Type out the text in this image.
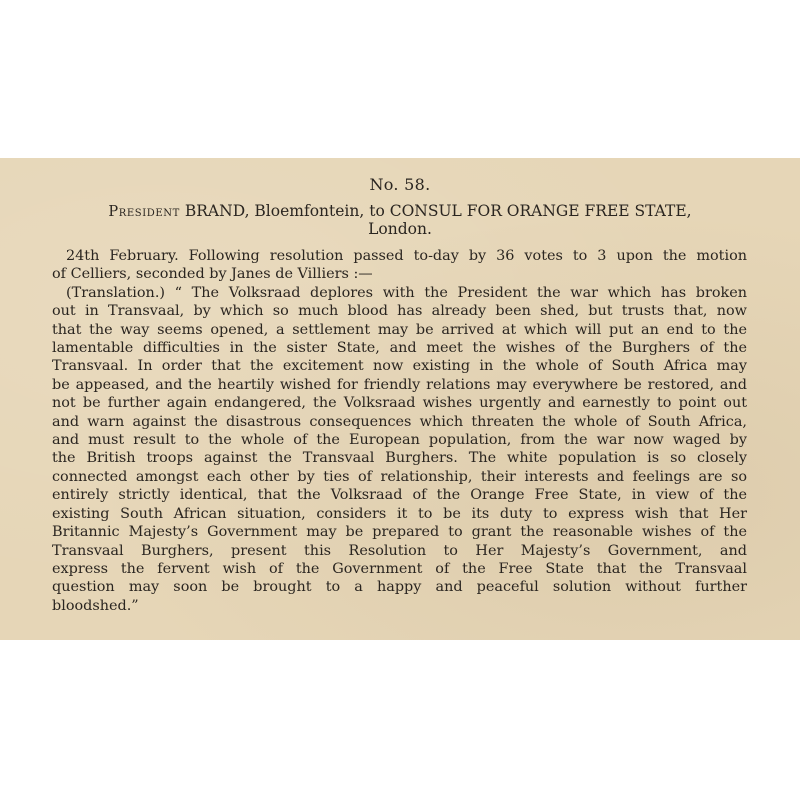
No. 58.
President BRAND, Bloemfontein, to CONSUL FOR ORANGE FREE STATE,
London.
24th February. Following resolution passed to-day by 36 votes to 3 upon the motion
of Celliers, seconded by Janes de Villiers :—
(Translation.) “ The Volksraad deplores with the President the war which has broken
out in Transvaal, by which so much blood has already been shed, but trusts that, now
that the way seems opened, a settlement may be arrived at which will put an end to the
lamentable difficulties in the sister State, and meet the wishes of the Burghers of the
Transvaal. In order that the excitement now existing in the whole of South Africa may
be appeased, and the heartily wished for friendly relations may everywhere be restored, and
not be further again endangered, the Volksraad wishes urgently and earnestly to point out
and warn against the disastrous consequences which threaten the whole of South Africa,
and must result to the whole of the European population, from the war now waged by
the British troops against the Transvaal Burghers. The white population is so closely
connected amongst each other by ties of relationship, their interests and feelings are so
entirely strictly identical, that the Volksraad of the Orange Free State, in view of the
existing South African situation, considers it to be its duty to express wish that Her
Britannic Majesty’s Government may be prepared to grant the reasonable wishes of the
Transvaal Burghers, present this Resolution to Her Majesty’s Government, and
express the fervent wish of the Government of the Free State that the Transvaal
question may soon be brought to a happy and peaceful solution without further
bloodshed.”
